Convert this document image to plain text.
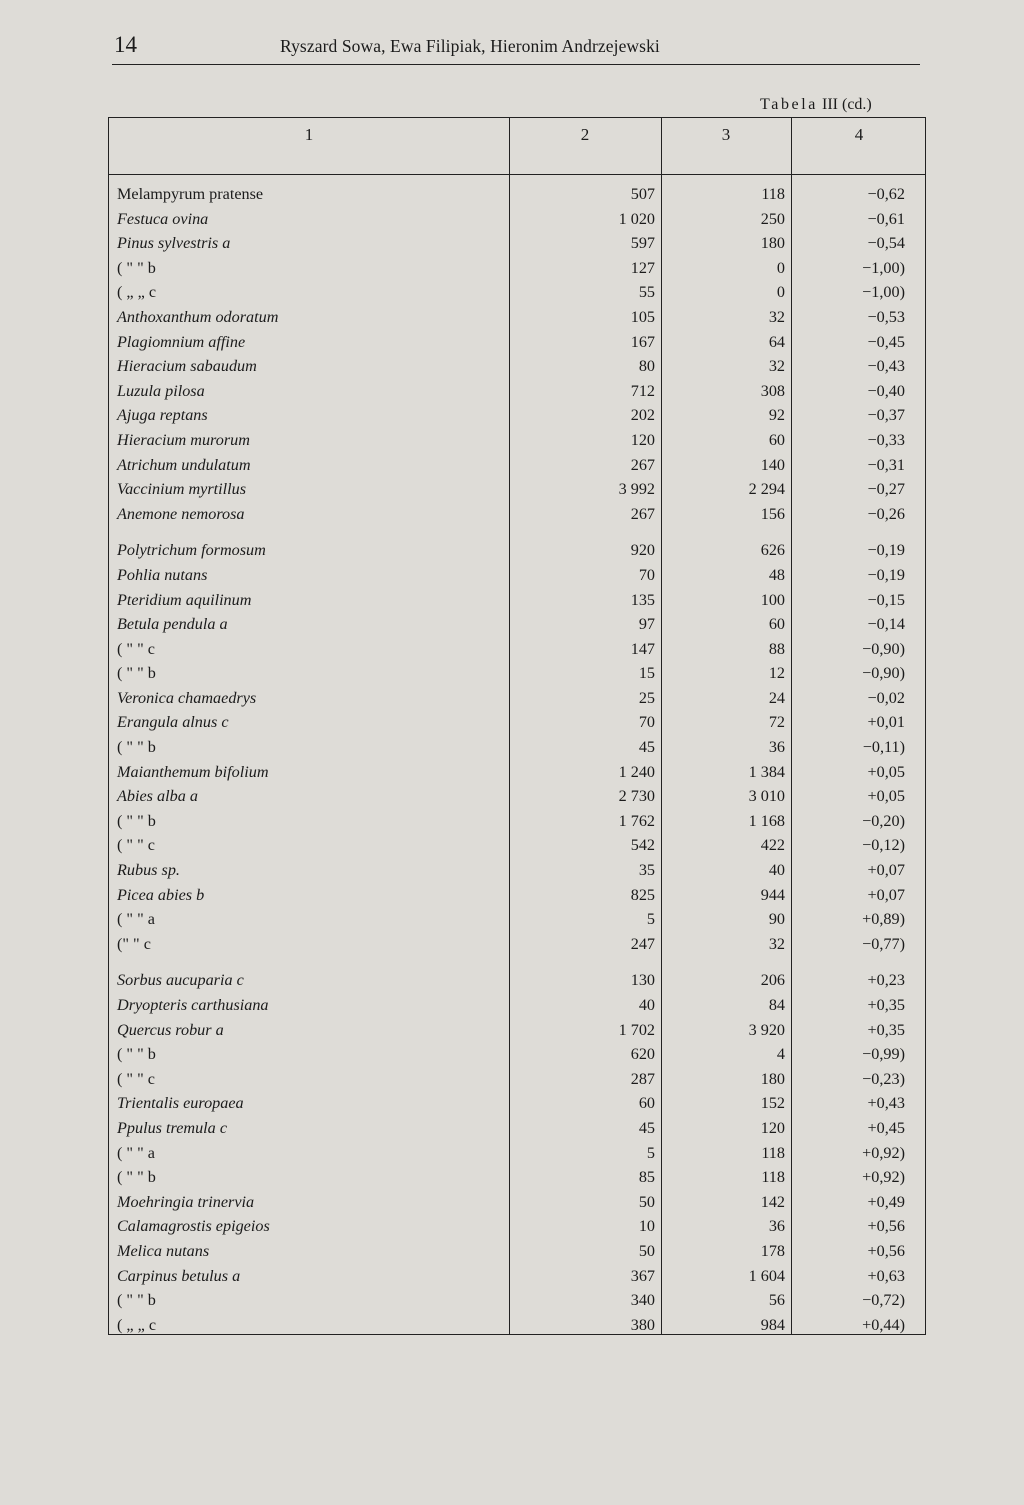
14	Ryszard Sowa, Ewa Filipiak, Hieronim Andrzejewski
Tabela III (cd.)
1	2	3	4
Melampyrum pratense	507	118	−0,62
Festuca ovina	1 020	250	−0,61
Pinus sylvestris a	597	180	−0,54
( " " b	127	0	−1,00)
( „ „ c	55	0	−1,00)
Anthoxanthum odoratum	105	32	−0,53
Plagiomnium affine	167	64	−0,45
Hieracium sabaudum	80	32	−0,43
Luzula pilosa	712	308	−0,40
Ajuga reptans	202	92	−0,37
Hieracium murorum	120	60	−0,33
Atrichum undulatum	267	140	−0,31
Vaccinium myrtillus	3 992	2 294	−0,27
Anemone nemorosa	267	156	−0,26
Polytrichum formosum	920	626	−0,19
Pohlia nutans	70	48	−0,19
Pteridium aquilinum	135	100	−0,15
Betula pendula a	97	60	−0,14
( " " c	147	88	−0,90)
( " " b	15	12	−0,90)
Veronica chamaedrys	25	24	−0,02
Erangula alnus c	70	72	+0,01
( " " b	45	36	−0,11)
Maianthemum bifolium	1 240	1 384	+0,05
Abies alba a	2 730	3 010	+0,05
( " " b	1 762	1 168	−0,20)
( " " c	542	422	−0,12)
Rubus sp.	35	40	+0,07
Picea abies b	825	944	+0,07
( " " a	5	90	+0,89)
(" " c	247	32	−0,77)
Sorbus aucuparia c	130	206	+0,23
Dryopteris carthusiana	40	84	+0,35
Quercus robur a	1 702	3 920	+0,35
( " " b	620	4	−0,99)
( " " c	287	180	−0,23)
Trientalis europaea	60	152	+0,43
Ppulus tremula c	45	120	+0,45
( " " a	5	118	+0,92)
( " " b	85	118	+0,92)
Moehringia trinervia	50	142	+0,49
Calamagrostis epigeios	10	36	+0,56
Melica nutans	50	178	+0,56
Carpinus betulus a	367	1 604	+0,63
( " " b	340	56	−0,72)
( „ „ c	380	984	+0,44)
